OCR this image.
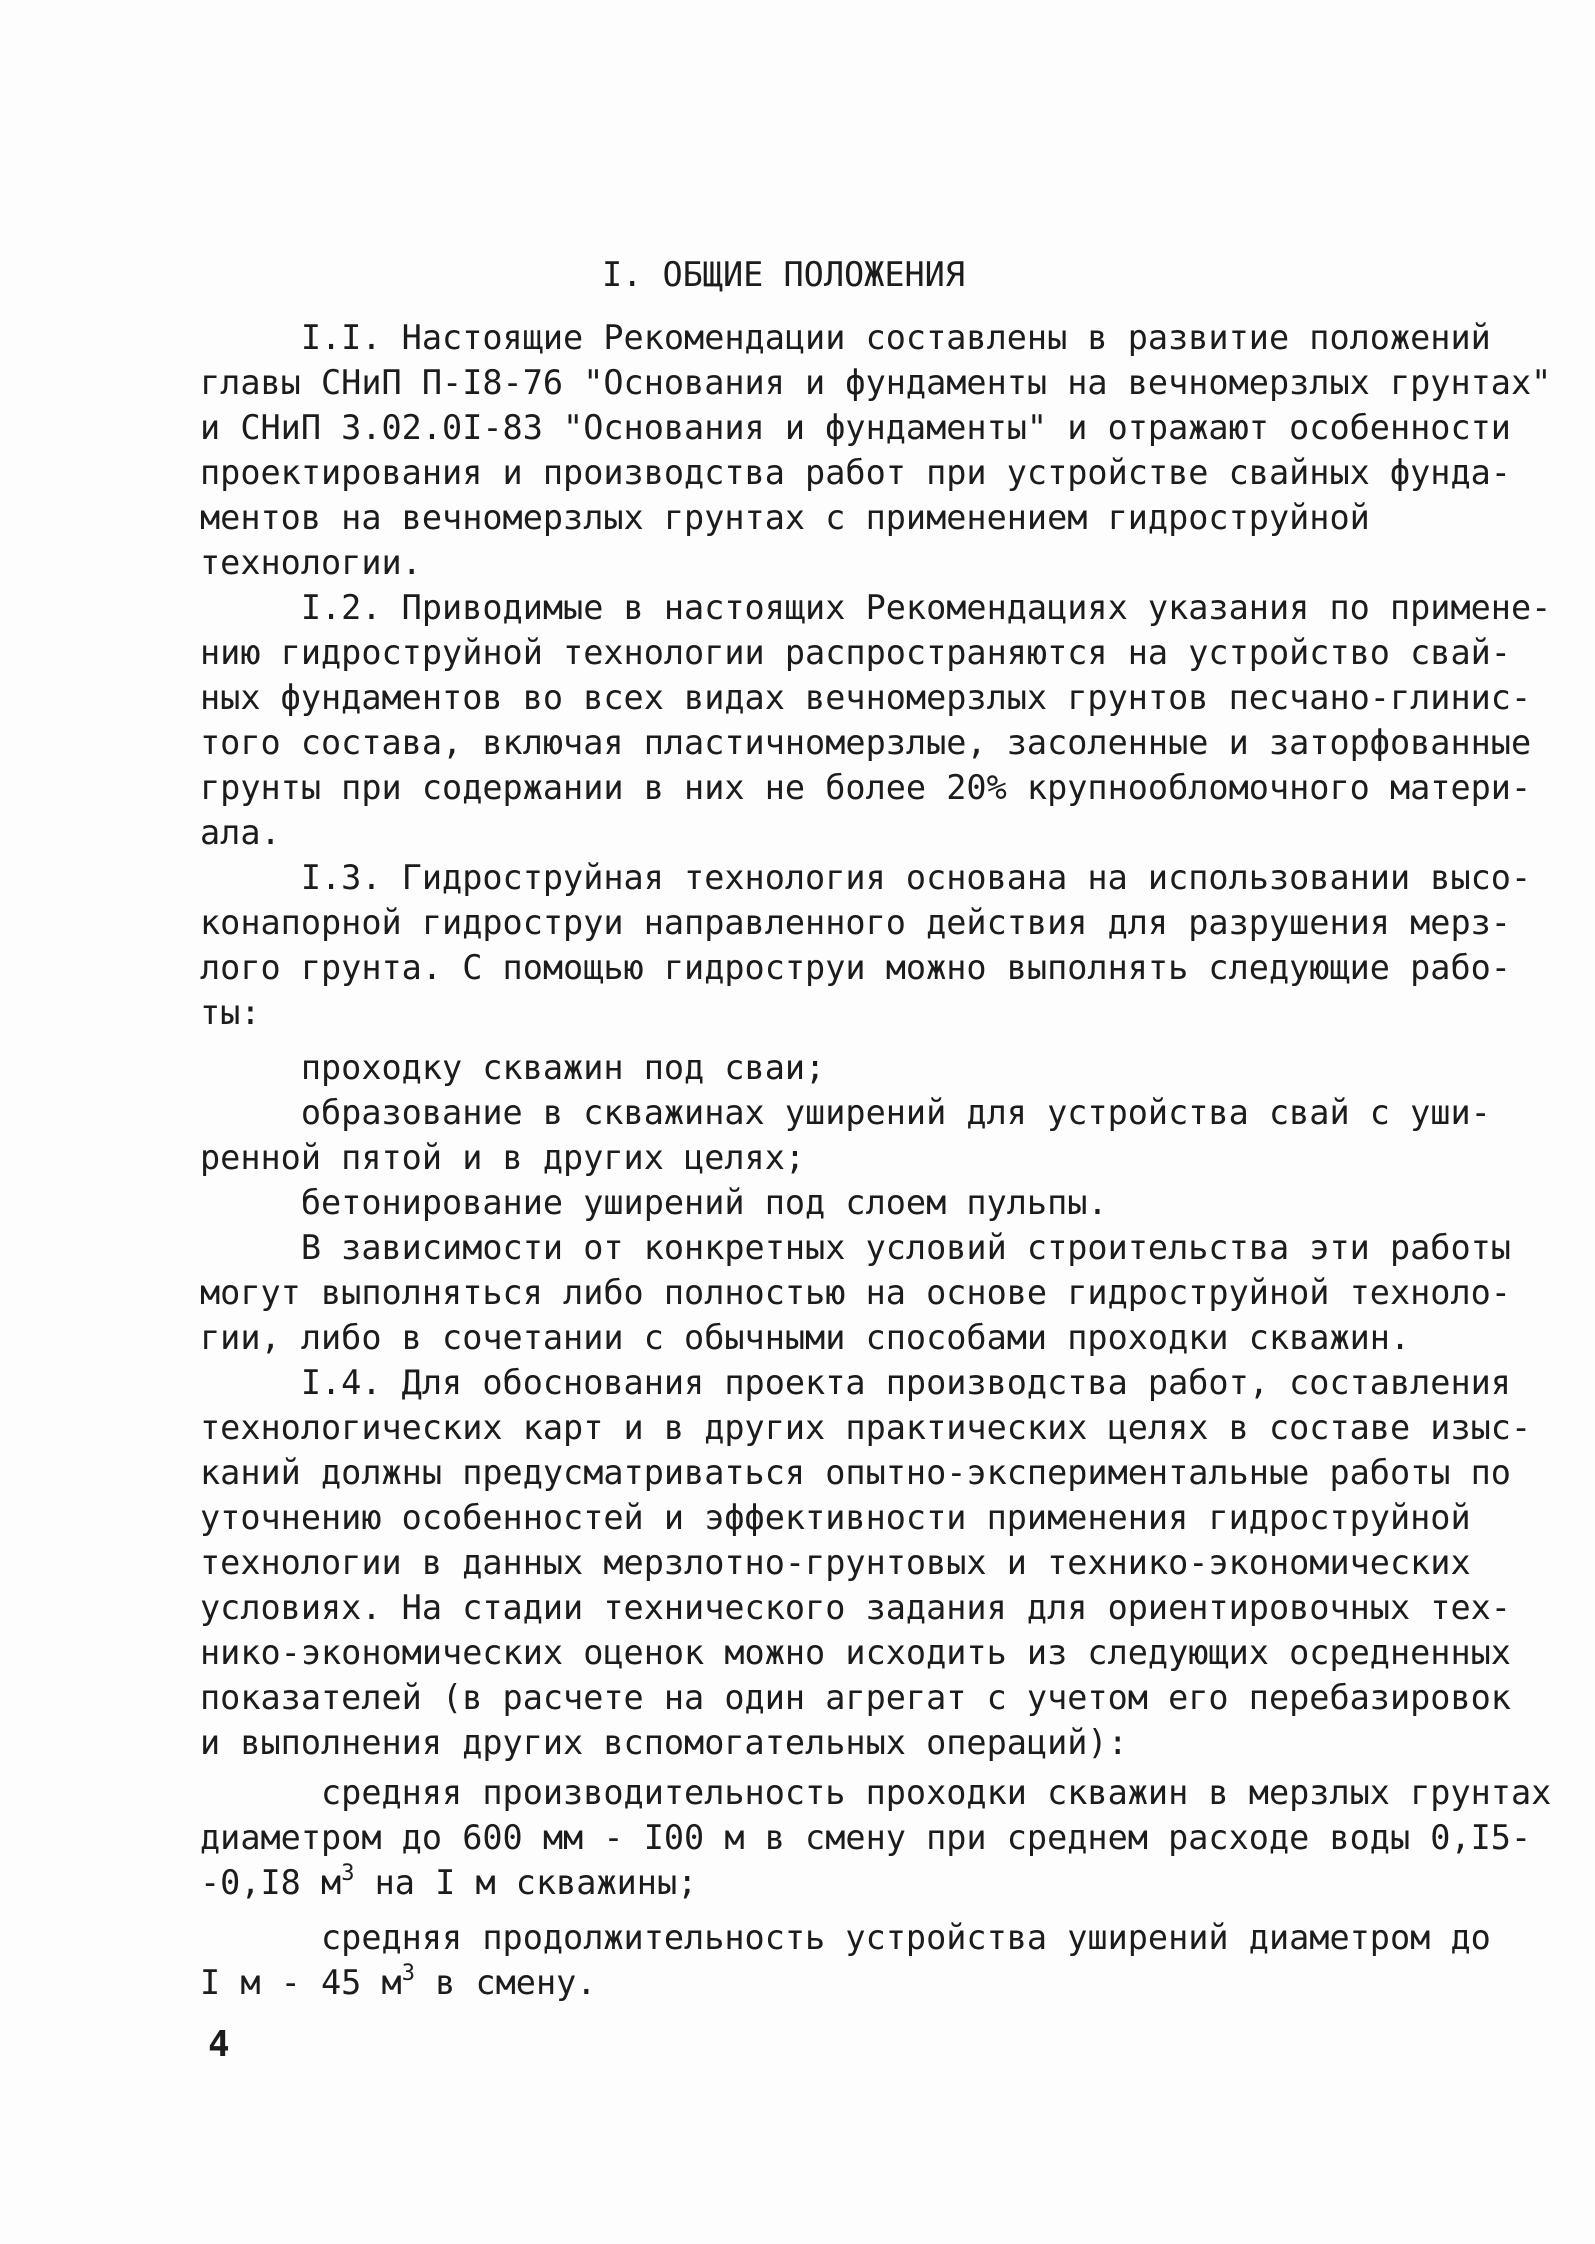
I. ОБЩИЕ ПОЛОЖЕНИЯ
I.I. Настоящие Рекомендации составлены в развитие положений
главы СНиП П-I8-76 "Основания и фундаменты на вечномерзлых грунтах"
и СНиП 3.02.0I-83 "Основания и фундаменты" и отражают особенности
проектирования и производства работ при устройстве свайных фунда-
ментов на вечномерзлых грунтах с применением гидроструйной
технологии.
I.2. Приводимые в настоящих Рекомендациях указания по примене-
нию гидроструйной технологии распространяются на устройство свай-
ных фундаментов во всех видах вечномерзлых грунтов песчано-глинис-
того состава, включая пластичномерзлые, засоленные и заторфованные
грунты при содержании в них не более 20% крупнообломочного матери-
ала.
I.3. Гидроструйная технология основана на использовании высо-
конапорной гидроструи направленного действия для разрушения мерз-
лого грунта. С помощью гидроструи можно выполнять следующие рабо-
ты:
проходку скважин под сваи;
образование в скважинах уширений для устройства свай с уши-
ренной пятой и в других целях;
бетонирование уширений под слоем пульпы.
В зависимости от конкретных условий строительства эти работы
могут выполняться либо полностью на основе гидроструйной техноло-
гии, либо в сочетании с обычными способами проходки скважин.
I.4. Для обоснования проекта производства работ, составления
технологических карт и в других практических целях в составе изыс-
каний должны предусматриваться опытно-экспериментальные работы по
уточнению особенностей и эффективности применения гидроструйной
технологии в данных мерзлотно-грунтовых и технико-экономических
условиях. На стадии технического задания для ориентировочных тех-
нико-экономических оценок можно исходить из следующих осредненных
показателей (в расчете на один агрегат с учетом его перебазировок
и выполнения других вспомогательных операций):
средняя производительность проходки скважин в мерзлых грунтах
диаметром до 600 мм - I00 м в смену при среднем расходе воды 0,I5-
-0,I8 $м^3$ на I м скважины;
средняя продолжительность устройства уширений диаметром до
I м - 45 $м^3$ в смену.
4
